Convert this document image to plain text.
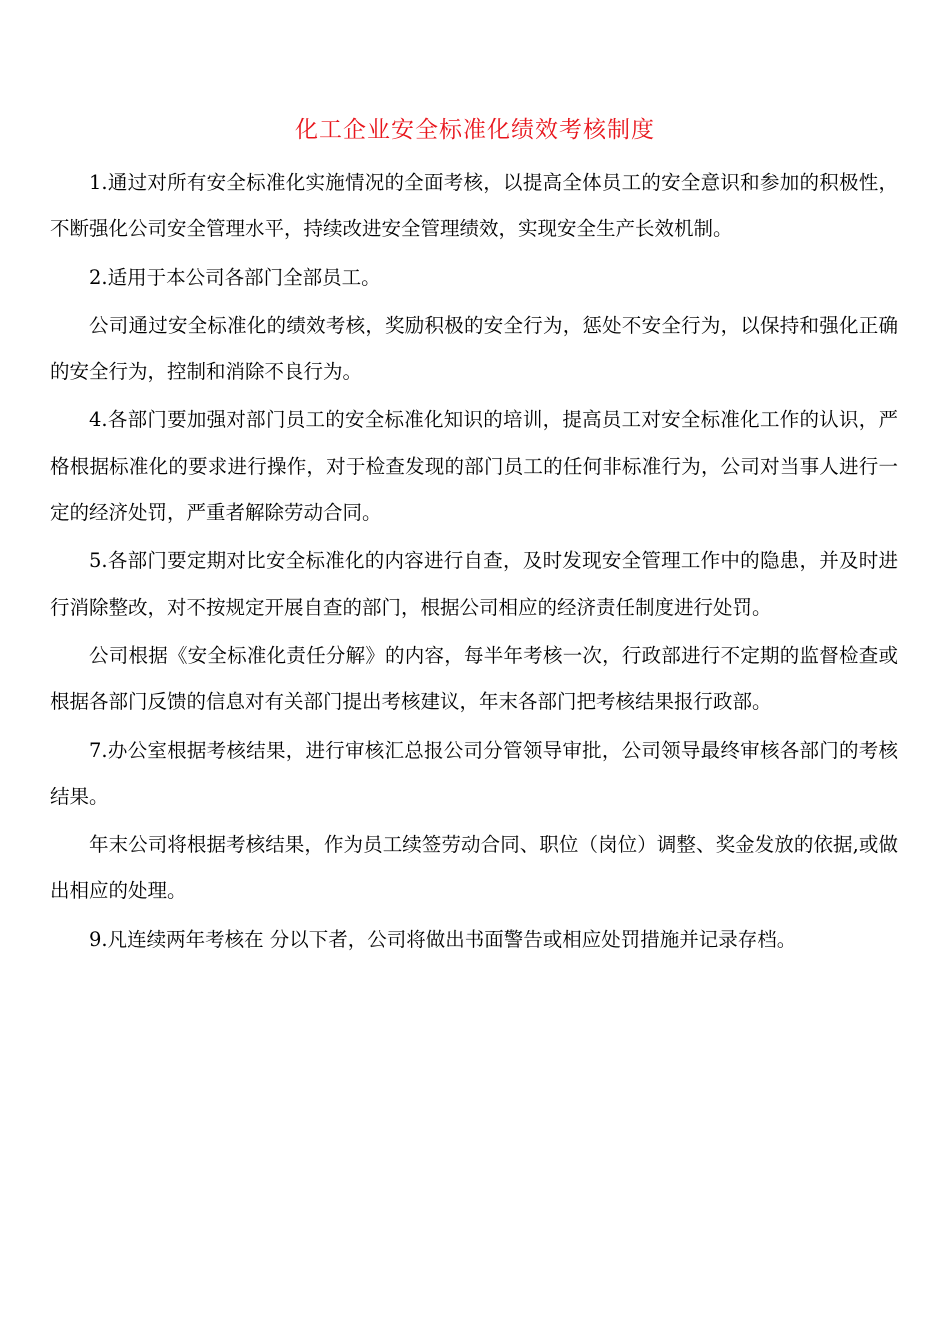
化工企业安全标准化绩效考核制度

1.通过对所有安全标准化实施情况的全面考核，以提高全体员工的安全意识和参加的积极性，不断强化公司安全管理水平，持续改进安全管理绩效，实现安全生产长效机制。

2.适用于本公司各部门全部员工。

公司通过安全标准化的绩效考核，奖励积极的安全行为，惩处不安全行为，以保持和强化正确的安全行为，控制和消除不良行为。

4.各部门要加强对部门员工的安全标准化知识的培训，提高员工对安全标准化工作的认识，严格根据标准化的要求进行操作，对于检查发现的部门员工的任何非标准行为，公司对当事人进行一定的经济处罚，严重者解除劳动合同。

5.各部门要定期对比安全标准化的内容进行自查，及时发现安全管理工作中的隐患，并及时进行消除整改，对不按规定开展自查的部门，根据公司相应的经济责任制度进行处罚。

公司根据《安全标准化责任分解》的内容，每半年考核一次，行政部进行不定期的监督检查或根据各部门反馈的信息对有关部门提出考核建议，年末各部门把考核结果报行政部。

7.办公室根据考核结果，进行审核汇总报公司分管领导审批，公司领导最终审核各部门的考核结果。

年末公司将根据考核结果，作为员工续签劳动合同、职位（岗位）调整、奖金发放的依据,或做出相应的处理。

9.凡连续两年考核在 分以下者，公司将做出书面警告或相应处罚措施并记录存档。
